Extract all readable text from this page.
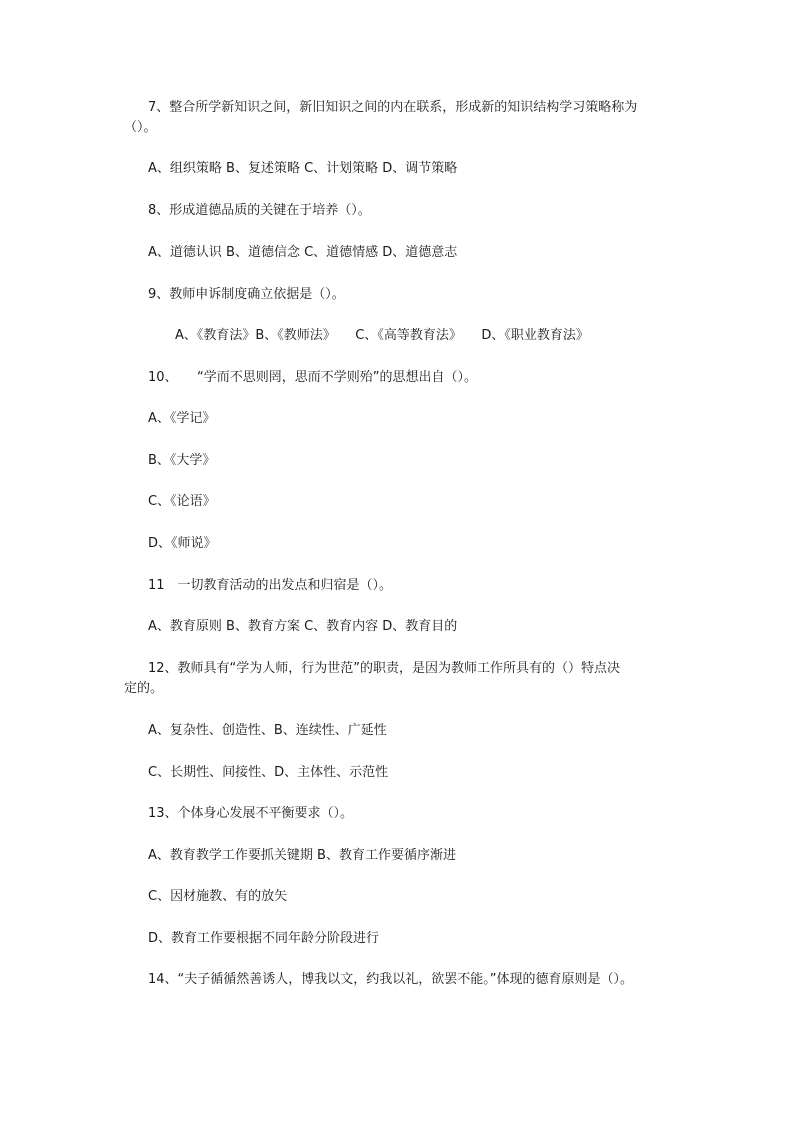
7、整合所学新知识之间，新旧知识之间的内在联系，形成新的知识结构学习策略称为
（）。
A、组织策略 B、复述策略 C、计划策略 D、调节策略
8、形成道德品质的关键在于培养（）。
A、道德认识 B、道德信念 C、道德情感 D、道德意志
9、教师申诉制度确立依据是（）。
A、《教育法》B、《教师法》　　C、《高等教育法》　　D、《职业教育法》
10、　　“学而不思则罔，思而不学则殆”的思想出自（）。
A、《学记》
B、《大学》
C、《论语》
D、《师说》
11　一切教育活动的出发点和归宿是（）。
A、教育原则 B、教育方案 C、教育内容 D、教育目的
12、教师具有“学为人师，行为世范”的职责，是因为教师工作所具有的（）特点决
定的。
A、复杂性、创造性、B、连续性、广延性
C、长期性、间接性、D、主体性、示范性
13、个体身心发展不平衡要求（）。
A、教育教学工作要抓关键期 B、教育工作要循序渐进
C、因材施教、有的放矢
D、教育工作要根据不同年龄分阶段进行
14、“夫子循循然善诱人，博我以文，约我以礼，欲罢不能。”体现的德育原则是（）。
